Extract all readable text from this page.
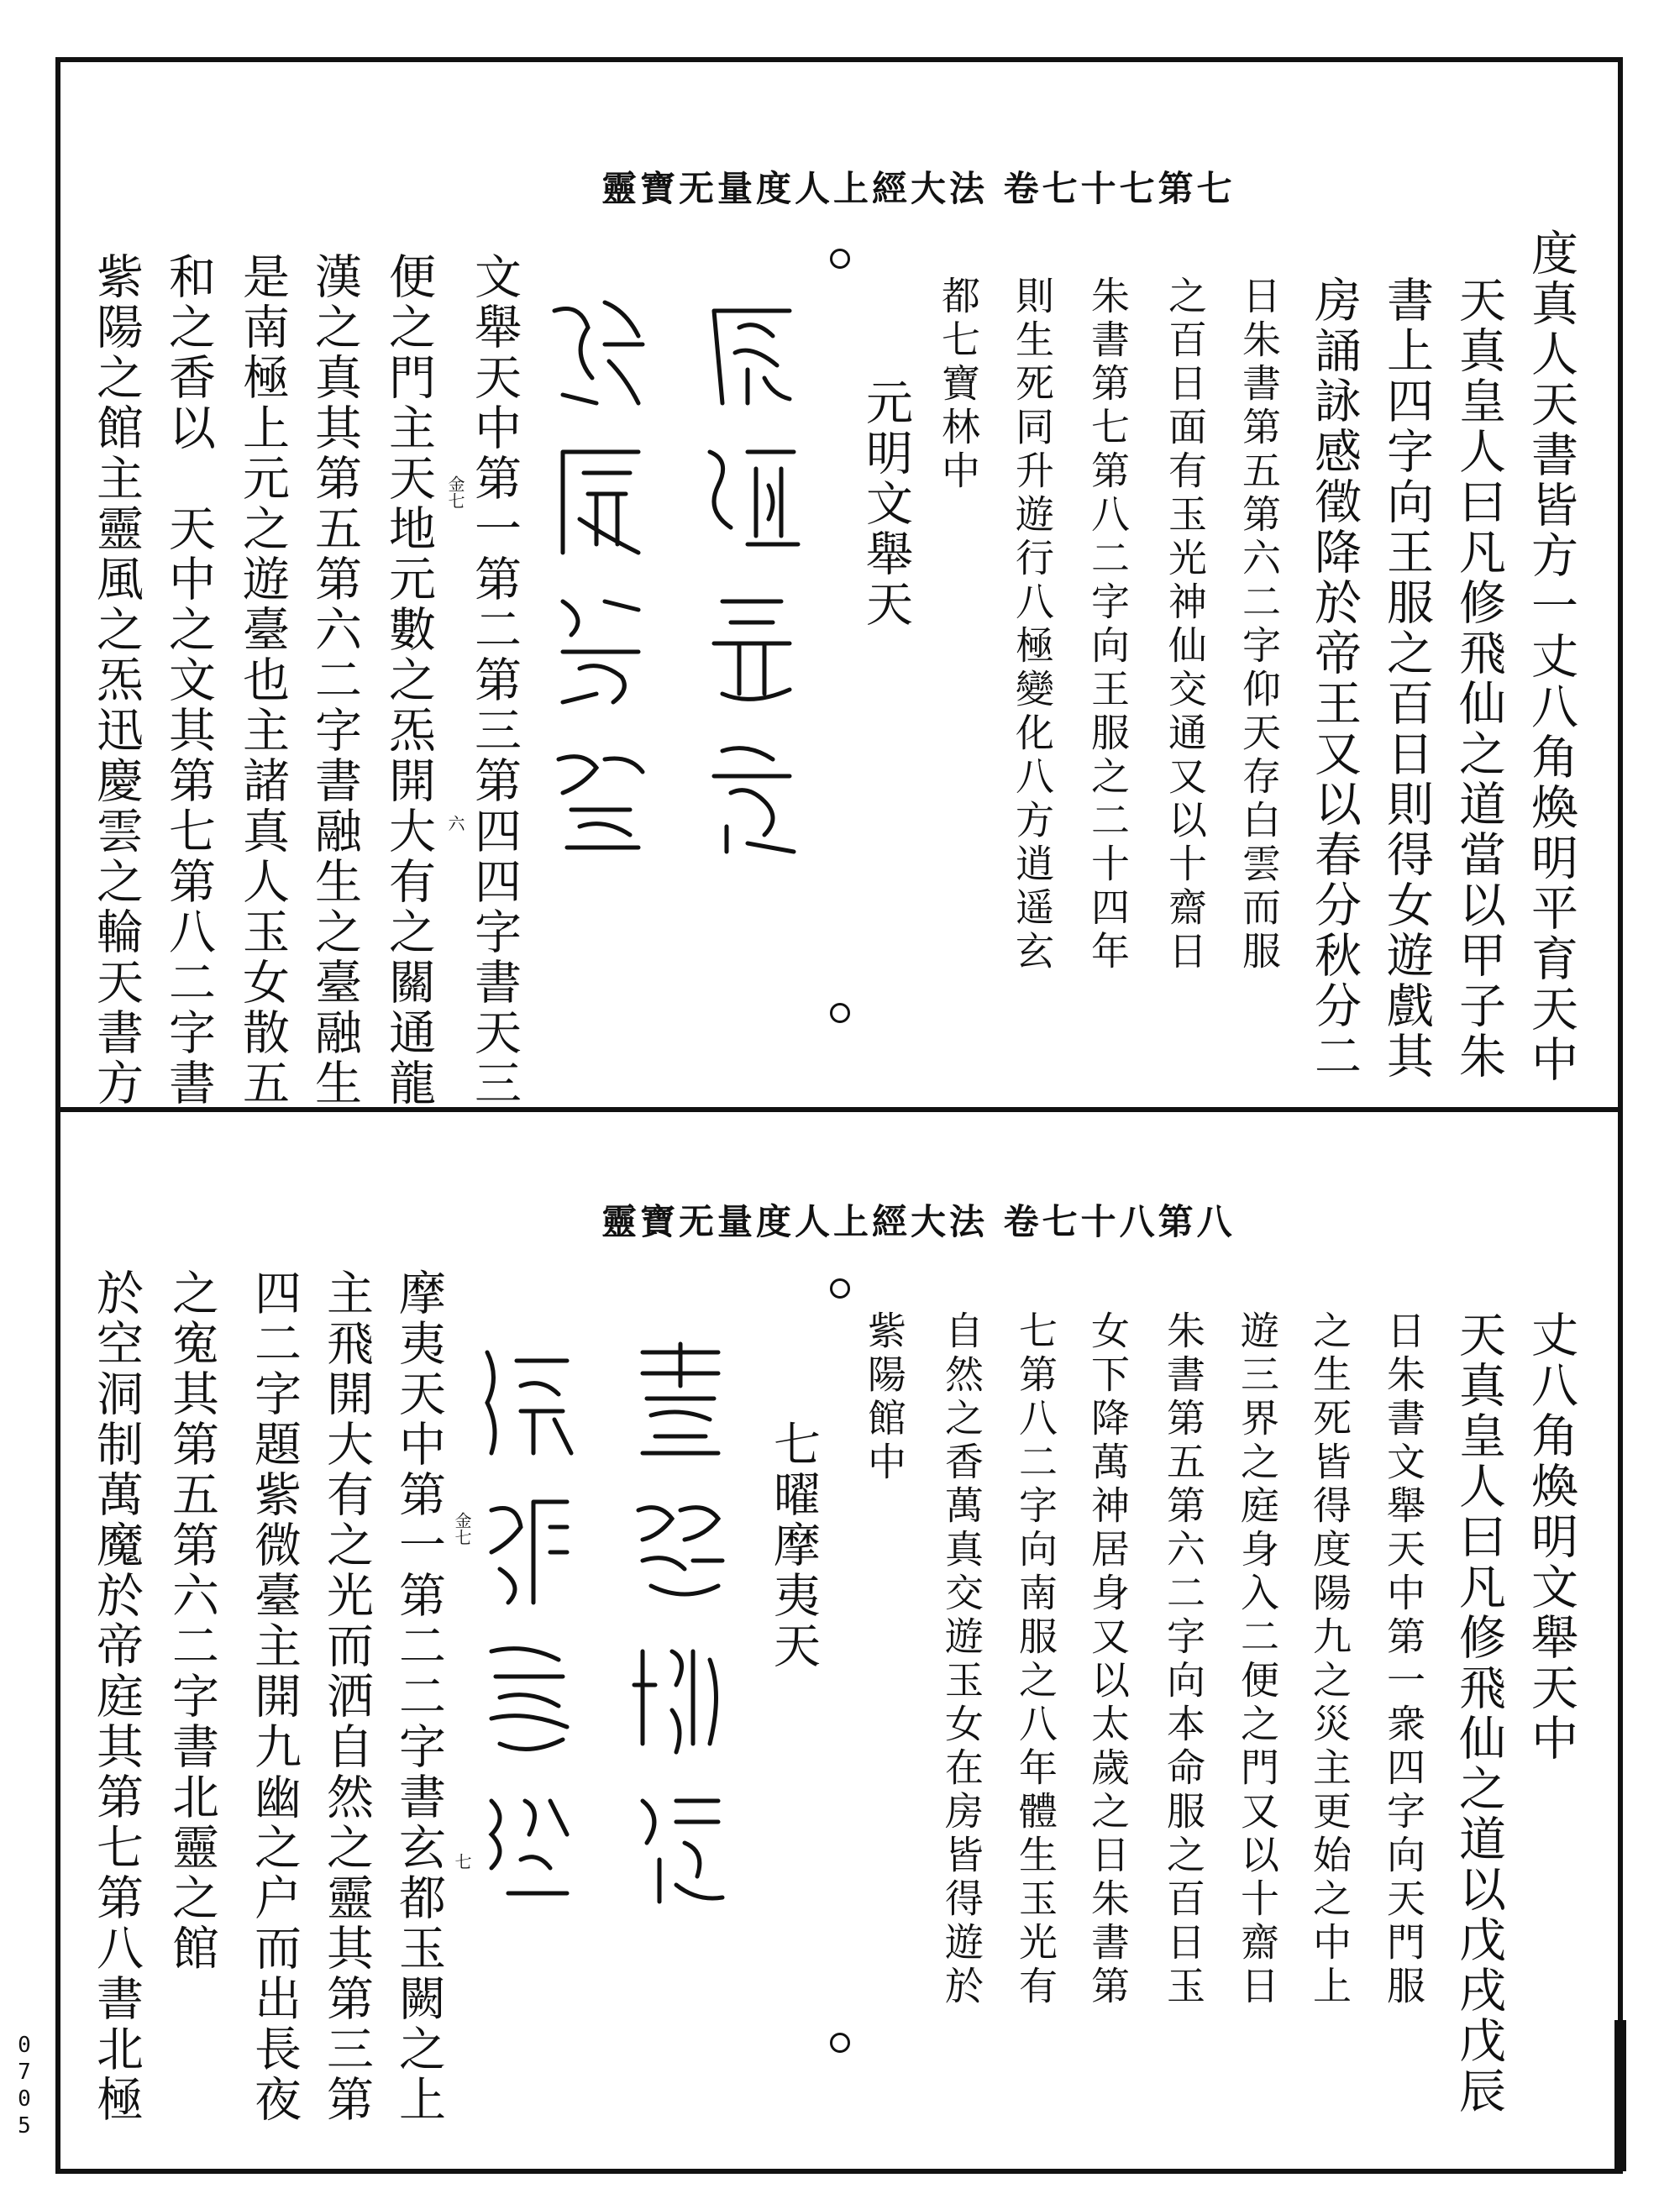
0705
靈寶无量度人上經大法 卷七十七第七
度真人天書皆方一丈八角煥明平育天中
天真皇人曰凡修飛仙之道當以甲子朱
書上四字向王服之百日則得女遊戲其
房誦詠感徵降於帝王又以春分秋分二
日朱書第五第六二字仰天存白雲而服
之百日面有玉光神仙交通又以十齋日
朱書第七第八二字向王服之二十四年
則生死同升遊行八極變化八方逍遥玄
都七寶林中
元明文舉天
文舉天中第一第二第三第四四字書天三
便之門主天地元數之炁開大有之關通龍
漢之真其第五第六二字書融生之臺融生
是南極上元之遊臺也主諸真人玉女散五
和之香以　天中之文其第七第八二字書
紫陽之館主靈風之炁迅慶雲之輪天書方	金七
六
靈寶无量度人上經大法 卷七十八第八
丈八角煥明文舉天中
天真皇人曰凡修飛仙之道以戊戌戊辰
日朱書文舉天中第一衆四字向天門服
之生死皆得度陽九之災主更始之中上
遊三界之庭身入二便之門又以十齋日
朱書第五第六二字向本命服之百日玉
女下降萬神居身又以太歲之日朱書第
七第八二字向南服之八年體生玉光有
自然之香萬真交遊玉女在房皆得遊於
紫陽館中
七曜摩夷天
摩夷天中第一第二二字書玄都玉闕之上
主飛開大有之光而洒自然之靈其第三第
四二字題紫微臺主開九幽之户而出長夜
之寃其第五第六二字書北靈之館
於空洞制萬魔於帝庭其第七第八書北極	金七
七
